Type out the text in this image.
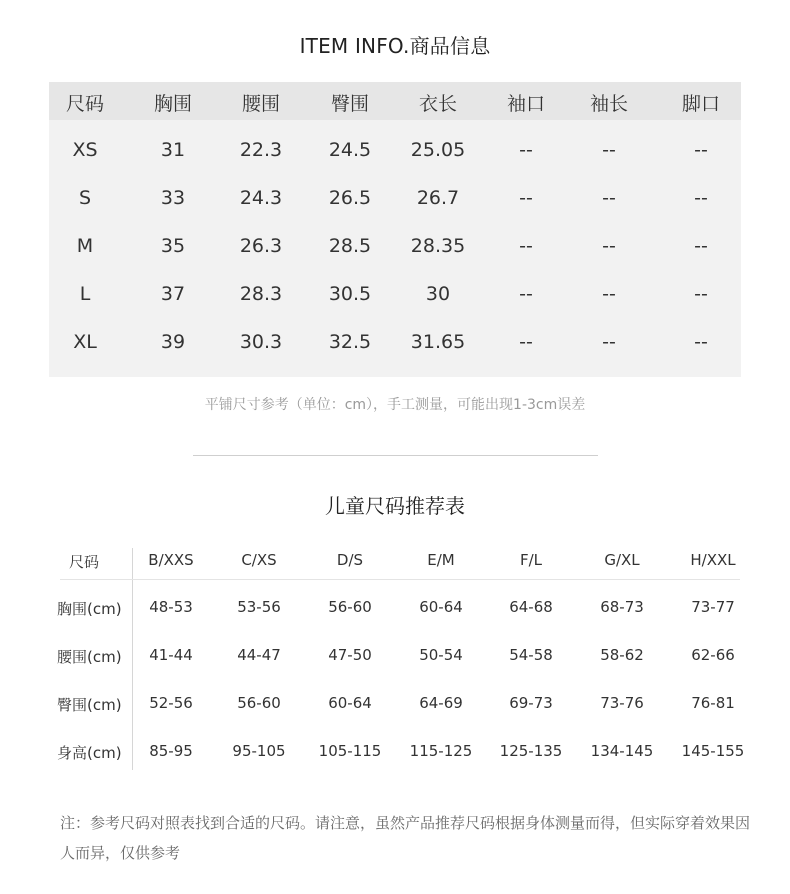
ITEM INFO.商品信息
尺码	胸围	腰围	臀围	衣长	袖口 袖长	脚口
XS	31	22.3 24.5 25.05	--	--	--
S	33	24.3 26.5 26.7	--	--	--
M	35	26.3 28.5 28.35	--	--	--
L	37	28.3 30.5	30	--	--	--
XL	39	30.3 32.5 31.65	--	--	--
平铺尺寸参考（单位：cm），手工测量，可能出现1-3cm误差
儿童尺码推荐表
尺码	B/XXS	C/XS	D/S	E/M	F/L	G/XL	H/XXL
胸围(cm) 48-53	53-56	56-60	60-64	64-68	68-73	73-77
腰围(cm) 41-44	44-47	47-50	50-54	54-58	58-62	62-66
臀围(cm) 52-56	56-60	60-64	64-69	69-73	73-76	76-81
身高(cm) 85-95	95-105 105-115 115-125 125-135 134-145 145-155
注：参考尺码对照表找到合适的尺码。请注意，虽然产品推荐尺码根据身体测量而得，但实际穿着效果因人而异，仅供参考
